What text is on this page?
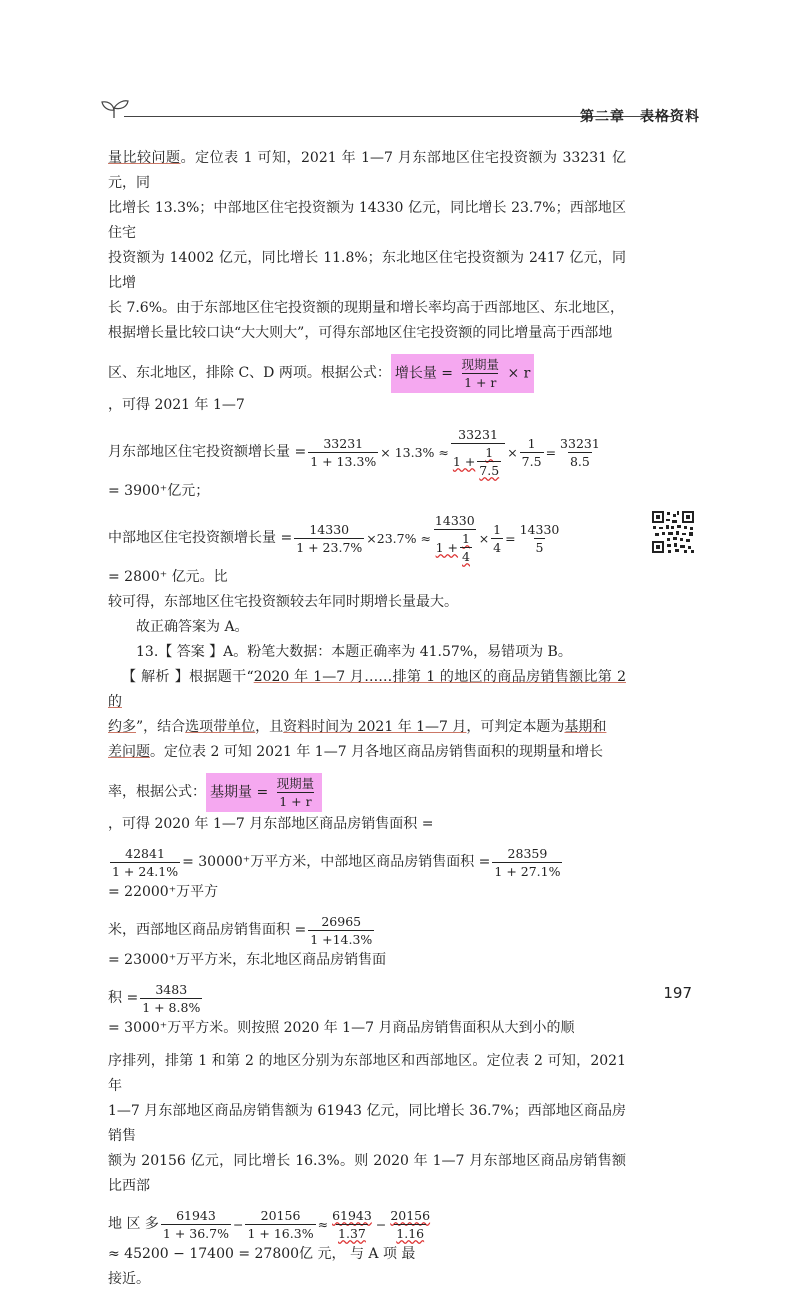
第二章　表格资料

量比较问题。定位表 1 可知，2021 年 1—7 月东部地区住宅投资额为 33231 亿元，同

比增长 13.3%；中部地区住宅投资额为 14330 亿元，同比增长 23.7%；西部地区住宅

投资额为 14002 亿元，同比增长 11.8%；东北地区住宅投资额为 2417 亿元，同比增

长 7.6%。由于东部地区住宅投资额的现期量和增长率均高于西部地区、东北地区，

根据增长量比较口诀“大大则大”，可得东部地区住宅投资额的同比增量高于西部地

区、东北地区，排除 C、D 两项。根据公式： 增长量 = $\frac{\text{现期量}}{1 + r} \times r$
，可得 2021 年 1—7
月东部地区住宅投资额增长量 = $\frac{33231}{1 + 13.3\%} \times 13.3\% \approx \frac{33231}{1 + \frac{1}{7.5}} \times \frac{1}{7.5} = \frac{33231}{8.5}$
= 3900⁺亿元；
中部地区住宅投资额增长量 = $\frac{14330}{1 + 23.7\%} \times 23.7\% \approx \frac{14330}{1 + \frac{1}{4}} \times \frac{1}{4} = \frac{14330}{5}$
= 2800⁺ 亿元。比

较可得，东部地区住宅投资额较去年同时期增长量最大。

故正确答案为 A。

13.【 答案 】A。粉笔大数据：本题正确率为 41.57%，易错项为 B。

【 解析 】根据题干“2020 年 1—7 月……排第 1 的地区的商品房销售额比第 2 的

约多”，结合选项带单位，且资料时间为 2021 年 1—7 月，可判定本题为基期和

差问题。定位表 2 可知 2021 年 1—7 月各地区商品房销售面积的现期量和增长

率，根据公式： 基期量 = $\frac{\text{现期量}}{1 + r}$
，可得 2020 年 1—7 月东部地区商品房销售面积 =
$\frac{42841}{1 + 24.1\%} = 30000^+$万平方米，中部地区商品房销售面积 = $\frac{28359}{1 + 27.1\%}$
= 22000⁺万平方
米，西部地区商品房销售面积 = $\frac{26965}{1 +14.3\%}$
= 23000⁺万平方米，东北地区商品房销售面
积 = $\frac{3483}{1 + 8.8\%}$
= 3000⁺万平方米。则按照 2020 年 1—7 月商品房销售面积从大到小的顺

序排列，排第 1 和第 2 的地区分别为东部地区和西部地区。定位表 2 可知，2021 年

1—7 月东部地区商品房销售额为 61943 亿元，同比增长 36.7%；西部地区商品房销售

额为 20156 亿元，同比增长 16.3%。则 2020 年 1—7 月东部地区商品房销售额比西部

地 区 多 $\frac{61943}{1 + 36.7\%} - \frac{20156}{1 + 16.3\%} \approx \frac{61943}{1.37} - \frac{20156}{1.16}$
≈ 45200 − 17400 = 27800亿 元， 与 A 项 最

接近。

197
